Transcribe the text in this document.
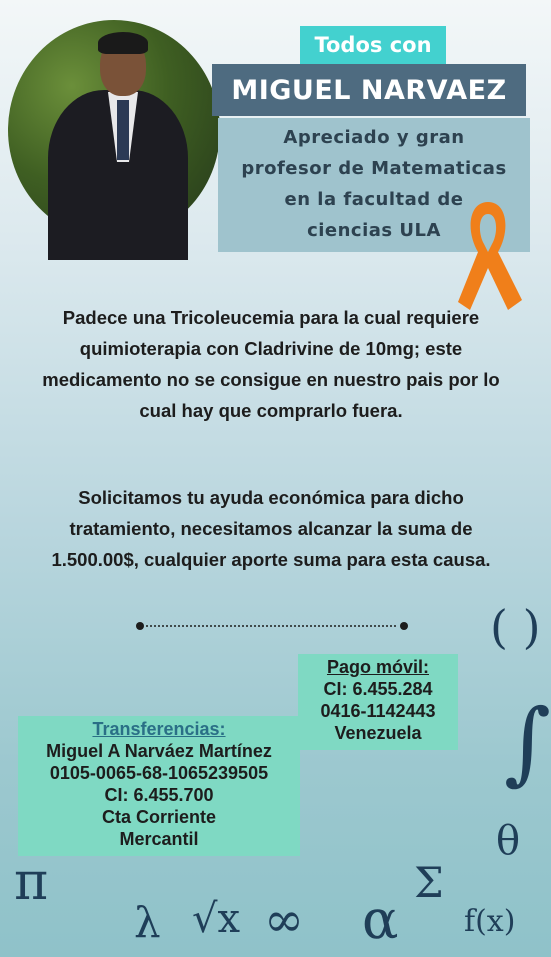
Todos con
MIGUEL NARVAEZ
Apreciado y gran
profesor de Matematicas
en la facultad de
ciencias ULA
Padece una Tricoleucemia para la cual requiere quimioterapia con Cladrivine de 10mg; este medicamento no se consigue en nuestro pais por lo cual hay que comprarlo fuera.
Solicitamos tu ayuda económica para dicho tratamiento, necesitamos alcanzar la suma de 1.500.00$, cualquier aporte suma para esta causa.
Pago móvil:
CI: 6.455.284
0416-1142443
Venezuela
Transferencias:
Miguel A Narváez Martínez
0105-0065-68-1065239505
CI: 6.455.700
Cta Corriente
Mercantil
( )
∫
θ
π
λ √x ∞ α
Σ
f(x)
